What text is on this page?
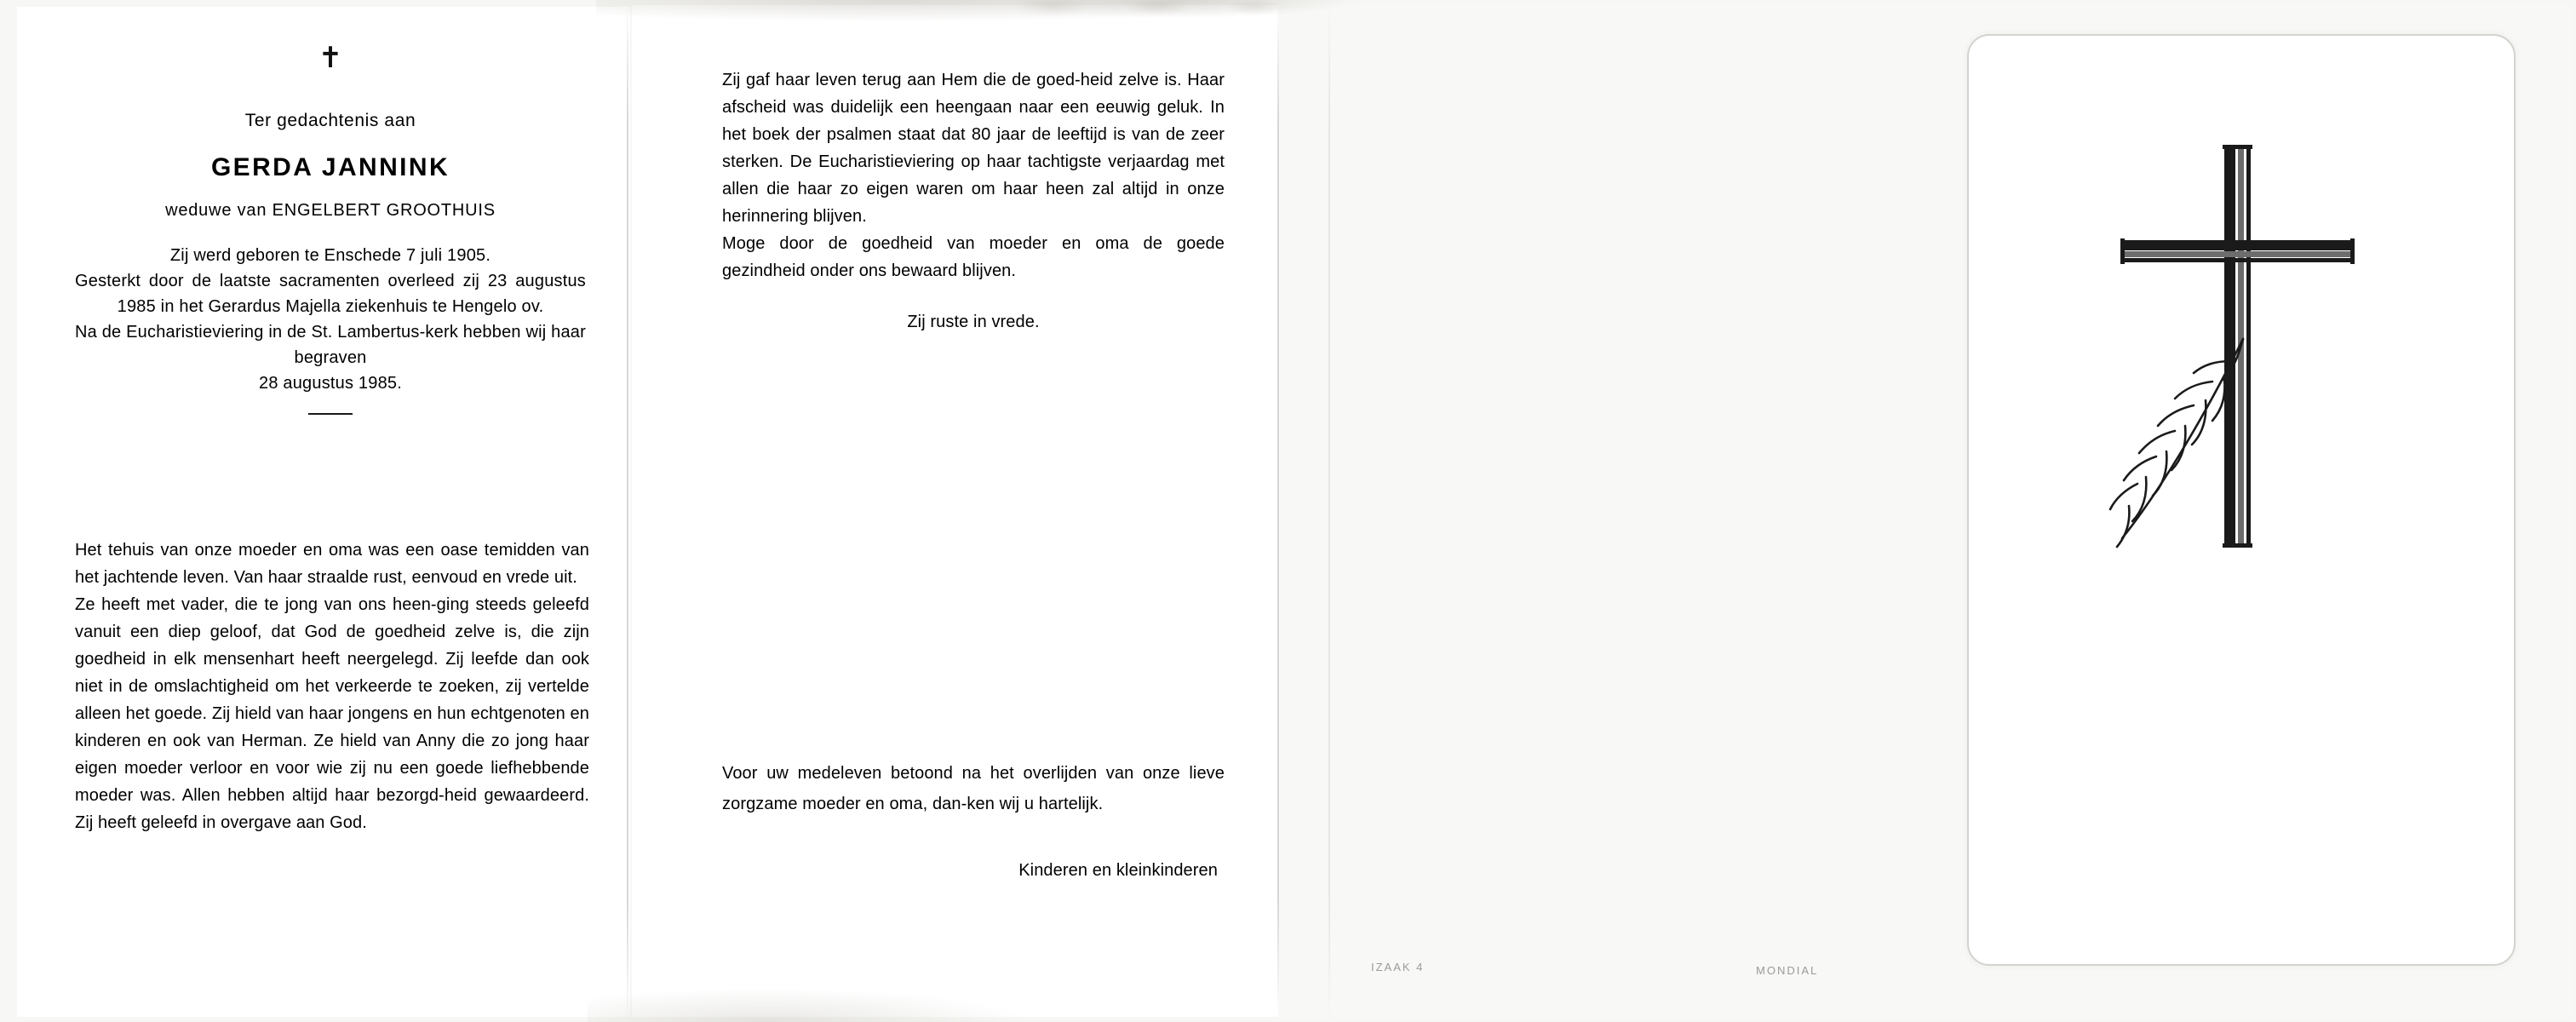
✝
Ter gedachtenis aan
GERDA JANNINK
weduwe van ENGELBERT GROOTHUIS

Zij werd geboren te Enschede 7 juli 1905.

Gesterkt door de laatste sacramenten overleed zij 23 augustus 1985 in het Gerardus Majella ziekenhuis te Hengelo ov.

Na de Eucharistieviering in de St. Lambertus-kerk hebben wij haar begraven

28 augustus 1985.

Het tehuis van onze moeder en oma was een oase temidden van het jachtende leven. Van haar straalde rust, eenvoud en vrede uit.

Ze heeft met vader, die te jong van ons heen-ging steeds geleefd vanuit een diep geloof, dat God de goedheid zelve is, die zijn goedheid in elk mensenhart heeft neergelegd. Zij leefde dan ook niet in de omslachtigheid om het verkeerde te zoeken, zij vertelde alleen het goede. Zij hield van haar jongens en hun echtgenoten en kinderen en ook van Herman. Ze hield van Anny die zo jong haar eigen moeder verloor en voor wie zij nu een goede liefhebbende moeder was. Allen hebben altijd haar bezorgd-heid gewaardeerd. Zij heeft geleefd in overgave aan God.

Zij gaf haar leven terug aan Hem die de goed-heid zelve is. Haar afscheid was duidelijk een heengaan naar een eeuwig geluk. In het boek der psalmen staat dat 80 jaar de leeftijd is van de zeer sterken. De Eucharistieviering op haar tachtigste verjaardag met allen die haar zo eigen waren om haar heen zal altijd in onze herinnering blijven.

Moge door de goedheid van moeder en oma de goede gezindheid onder ons bewaard blijven.

Zij ruste in vrede.

Voor uw medeleven betoond na het overlijden van onze lieve zorgzame moeder en oma, dan-ken wij u hartelijk.

Kinderen en kleinkinderen

IZAAK 4	MONDIAL
